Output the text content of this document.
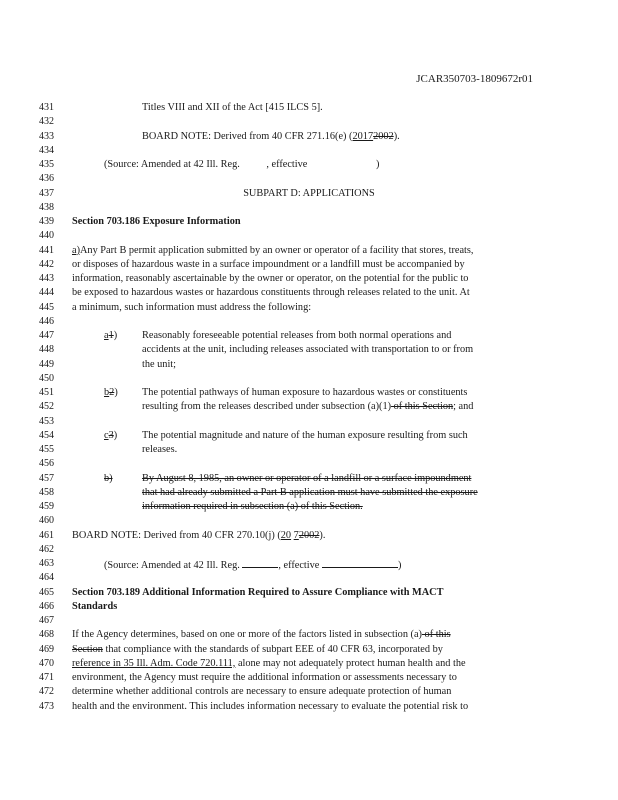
JCAR350703-1809672r01
431	Titles VIII and XII of the Act [415 ILCS 5].
432
433	BOARD NOTE: Derived from 40 CFR 271.16(e) (20172002).
434
435	(Source: Amended at 42 Ill. Reg. , effective	)
436
437	SUBPART D: APPLICATIONS
438
439	Section 703.186 Exposure Information
440
441	a)Any Part B permit application submitted by an owner or operator of a facility that stores, treats,
442	or disposes of hazardous waste in a surface impoundment or a landfill must be accompanied by
443	information, reasonably ascertainable by the owner or operator, on the potential for the public to
444	be exposed to hazardous wastes or hazardous constituents through releases related to the unit. At
445	a minimum, such information must address the following:
446
447	a1) Reasonably foreseeable potential releases from both normal operations and
448	accidents at the unit, including releases associated with transportation to or from
449	the unit;
450
451	b2) The potential pathways of human exposure to hazardous wastes or constituents
452	resulting from the releases described under subsection (a)(1) of this Section; and
453
454	c3) The potential magnitude and nature of the human exposure resulting from such
455	releases.
456
457	b)	By August 8, 1985, an owner or operator of a landfill or a surface impoundment
458	that had already submitted a Part B application must have submitted the exposure
459	information required in subsection (a) of this Section.
460
461	BOARD NOTE: Derived from 40 CFR 270.10(j) (20 72002).
462
463	(Source: Amended at 42 Ill. Reg.	, effective	)
464
465	Section 703.189 Additional Information Required to Assure Compliance with MACT
466	Standards
467
468	If the Agency determines, based on one or more of the factors listed in subsection (a) of this
469	Section that compliance with the standards of subpart EEE of 40 CFR 63, incorporated by
470	reference in 35 Ill. Adm. Code 720.111, alone may not adequately protect human health and the
471	environment, the Agency must require the additional information or assessments necessary to
472	determine whether additional controls are necessary to ensure adequate protection of human
473	health and the environment. This includes information necessary to evaluate the potential risk to
